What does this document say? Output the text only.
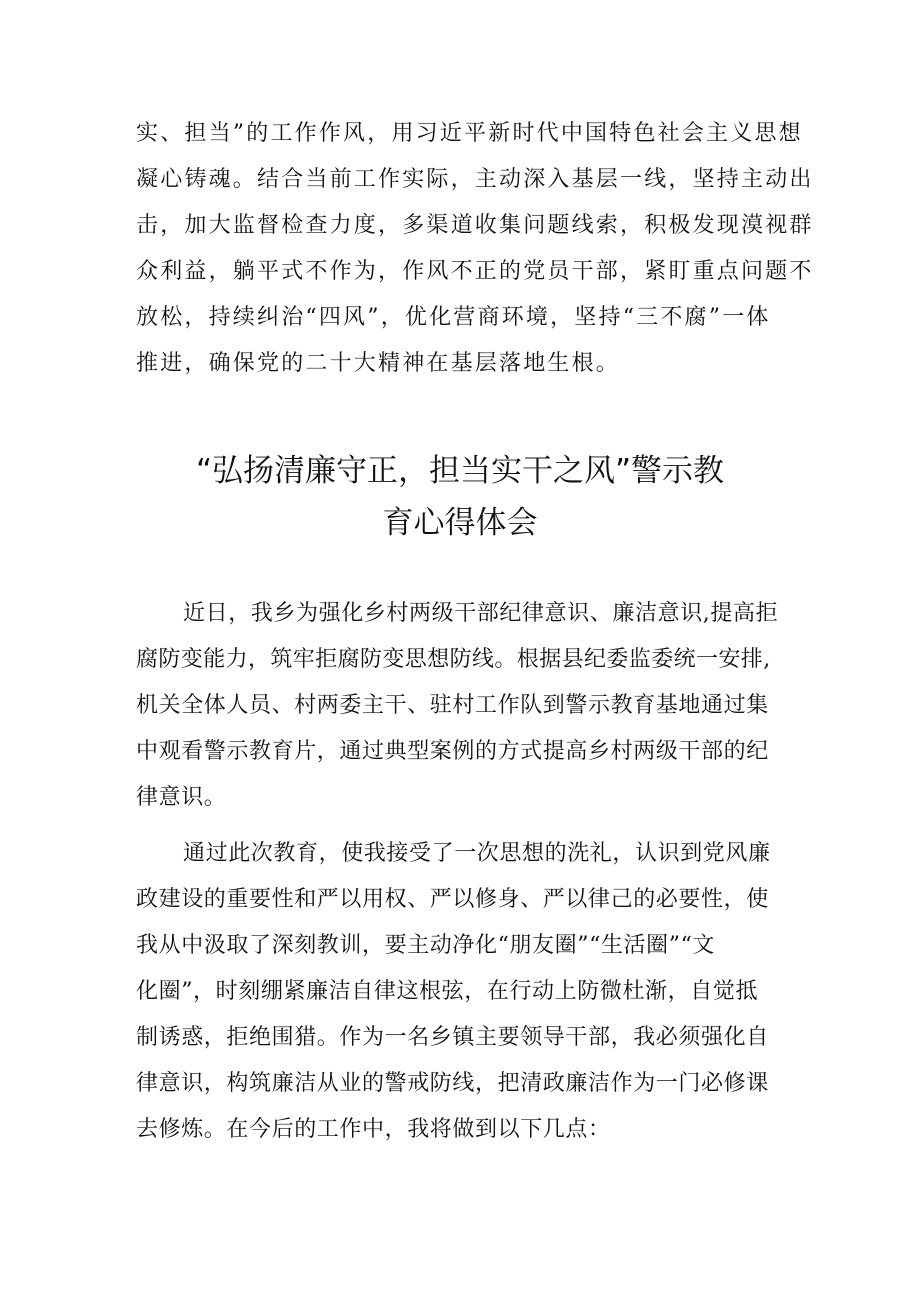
实、担当”的工作作风，用习近平新时代中国特色社会主义思想
凝心铸魂。结合当前工作实际，主动深入基层一线，坚持主动出
击，加大监督检查力度，多渠道收集问题线索，积极发现漠视群
众利益，躺平式不作为，作风不正的党员干部，紧盯重点问题不
放松，持续纠治“四风”，优化营商环境，坚持“三不腐”一体
推进，确保党的二十大精神在基层落地生根。
“弘扬清廉守正，担当实干之风”警示教
育心得体会
近日，我乡为强化乡村两级干部纪律意识、廉洁意识,提高拒
腐防变能力，筑牢拒腐防变思想防线。根据县纪委监委统一安排,
机关全体人员、村两委主干、驻村工作队到警示教育基地通过集
中观看警示教育片，通过典型案例的方式提高乡村两级干部的纪
律意识。
通过此次教育，使我接受了一次思想的洗礼，认识到党风廉
政建设的重要性和严以用权、严以修身、严以律己的必要性，使
我从中汲取了深刻教训，要主动净化“朋友圈”“生活圈”“文
化圈”，时刻绷紧廉洁自律这根弦，在行动上防微杜渐，自觉抵
制诱惑，拒绝围猎。作为一名乡镇主要领导干部，我必须强化自
律意识，构筑廉洁从业的警戒防线，把清政廉洁作为一门必修课
去修炼。在今后的工作中，我将做到以下几点：
